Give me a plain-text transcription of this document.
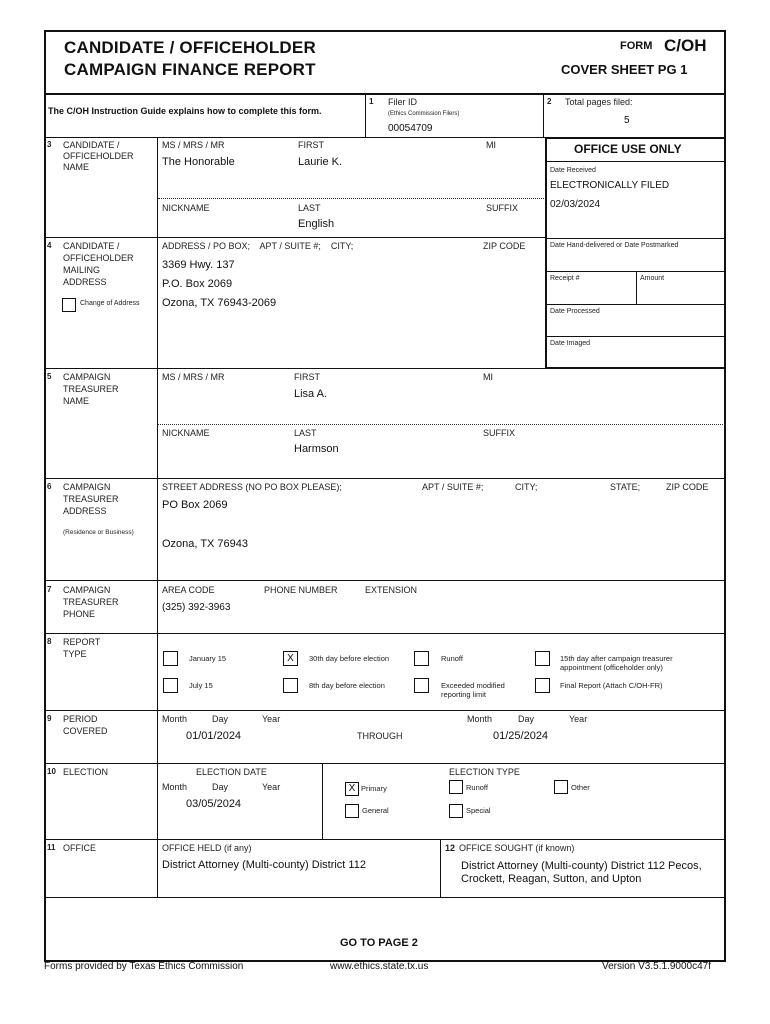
CANDIDATE / OFFICEHOLDER
CAMPAIGN FINANCE REPORT
FORM C/OH
COVER SHEET PG 1
The C/OH Instruction Guide explains how to complete this form.
1 Filer ID
(Ethics Commission Filers)
00054709
2 Total pages filed:
5
OFFICE USE ONLY
Date Received
ELECTRONICALLY FILED
02/03/2024
Date Hand-delivered or Date Postmarked
Receipt #	Amount
Date Processed
Date Imaged
3 CANDIDATE /
OFFICEHOLDER
NAME
MS / MRS / MR
The Honorable
FIRST
Laurie K.
MI
NICKNAME	LAST
English
SUFFIX
4 CANDIDATE /
OFFICEHOLDER
MAILING
ADDRESS
Change of Address
ADDRESS / PO BOX;    APT / SUITE #;    CITY;	ZIP CODE
3369 Hwy. 137
P.O. Box 2069
Ozona, TX 76943-2069
5 CAMPAIGN
TREASURER
NAME
MS / MRS / MR	FIRST
Lisa A.
MI
NICKNAME	LAST
Harmson
SUFFIX
6 CAMPAIGN
TREASURER
ADDRESS
(Residence or Business)
STREET ADDRESS (NO PO BOX PLEASE);	APT / SUITE #;	CITY;	STATE;	ZIP CODE
PO Box 2069
Ozona, TX 76943
7 CAMPAIGN
TREASURER
PHONE
AREA CODE	PHONE NUMBER	EXTENSION
(325) 392-3963
8 REPORT
TYPE	January 15	X	30th day before election	Runoff	15th day after campaign treasurer
appointment (officeholder only)
July 15	8th day before election	Exceeded modified
reporting limit
Final Report (Attach C/OH-FR)
9 PERIOD
COVERED
Month	Day	Year
01/01/2024	THROUGH
Month	Day	Year
01/25/2024
10 ELECTION	ELECTION DATE
Month	Day	Year
03/05/2024
ELECTION TYPE
X Primary	Runoff	Other
General	Special
11 OFFICE	OFFICE HELD (if any)
District Attorney (Multi-county) District 112
12 OFFICE SOUGHT (if known)
District Attorney (Multi-county) District 112 Pecos,
Crockett, Reagan, Sutton, and Upton
GO TO PAGE 2
Forms provided by Texas Ethics Commission	www.ethics.state.tx.us	Version V3.5.1.9000c47f
